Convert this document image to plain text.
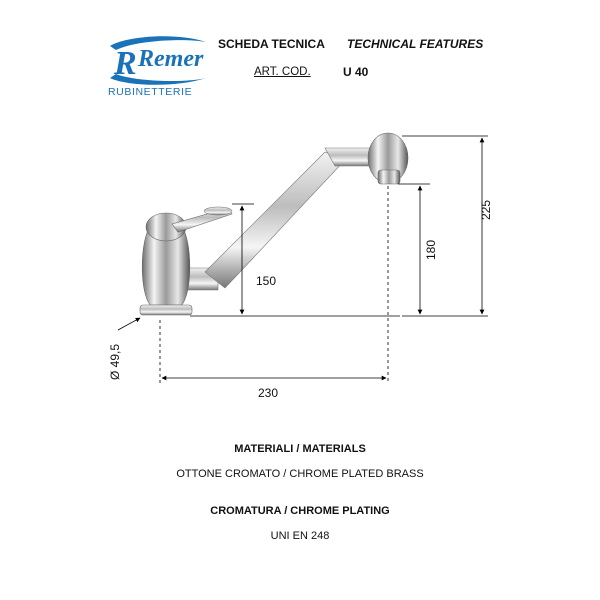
R Remer
RUBINETTERIE
SCHEDA TECNICA TECHNICAL FEATURES
ART. COD.	U 40
225
180
150
230
Ø 49,5
MATERIALI / MATERIALS
OTTONE CROMATO / CHROME PLATED BRASS
CROMATURA / CHROME PLATING
UNI EN 248
